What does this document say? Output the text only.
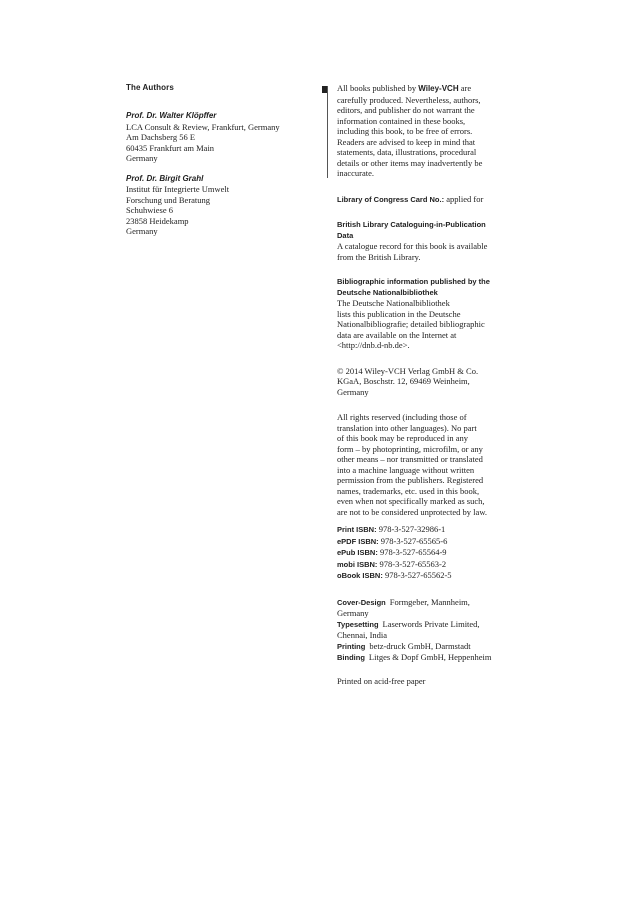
The Authors
Prof. Dr. Walter Klöpffer
LCA Consult & Review, Frankfurt, Germany
Am Dachsberg 56 E
60435 Frankfurt am Main
Germany
Prof. Dr. Birgit Grahl
Institut für Integrierte Umwelt
Forschung und Beratung
Schuhwiese 6
23858 Heidekamp
Germany
All books published by Wiley-VCH are
carefully produced. Nevertheless, authors,
editors, and publisher do not warrant the
information contained in these books,
including this book, to be free of errors.
Readers are advised to keep in mind that
statements, data, illustrations, procedural
details or other items may inadvertently be
inaccurate.
Library of Congress Card No.: applied for
British Library Cataloguing-in-Publication
Data
A catalogue record for this book is available
from the British Library.
Bibliographic information published by the
Deutsche Nationalbibliothek
The Deutsche Nationalbibliothek
lists this publication in the Deutsche
Nationalbibliografie; detailed bibliographic
data are available on the Internet at
<http://dnb.d-nb.de>.
© 2014 Wiley-VCH Verlag GmbH & Co.
KGaA, Boschstr. 12, 69469 Weinheim,
Germany
All rights reserved (including those of
translation into other languages). No part
of this book may be reproduced in any
form – by photoprinting, microfilm, or any
other means – nor transmitted or translated
into a machine language without written
permission from the publishers. Registered
names, trademarks, etc. used in this book,
even when not specifically marked as such,
are not to be considered unprotected by law.
Print ISBN: 978-3-527-32986-1
ePDF ISBN: 978-3-527-65565-6
ePub ISBN: 978-3-527-65564-9
mobi ISBN: 978-3-527-65563-2
oBook ISBN: 978-3-527-65562-5
Cover-Design Formgeber, Mannheim,
Germany
Typesetting Laserwords Private Limited,
Chennai, India
Printing betz-druck GmbH, Darmstadt
Binding Litges & Dopf GmbH, Heppenheim
Printed on acid-free paper
